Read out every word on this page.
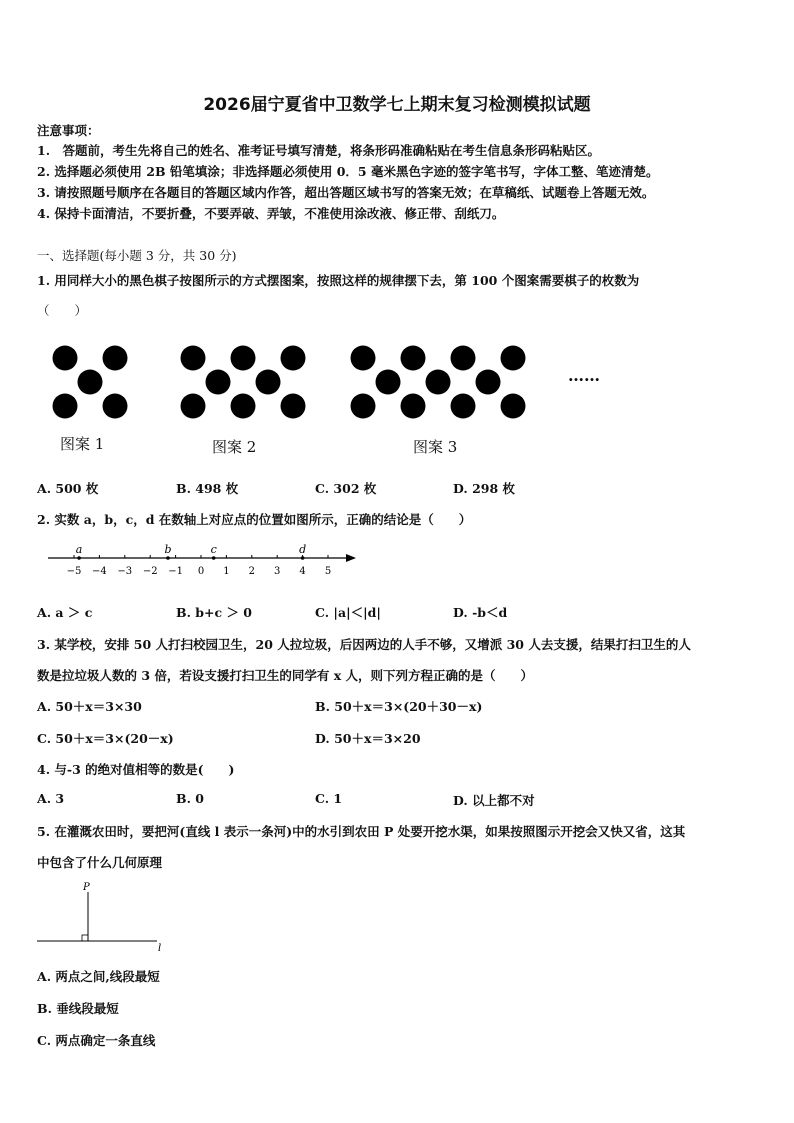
2026届宁夏省中卫数学七上期末复习检测模拟试题
注意事项：
1.　答题前，考生先将自己的姓名、准考证号填写清楚，将条形码准确粘贴在考生信息条形码粘贴区。
2. 选择题必须使用 2B 铅笔填涂；非选择题必须使用 0．5 毫米黑色字迹的签字笔书写，字体工整、笔迹清楚。
3. 请按照题号顺序在各题目的答题区域内作答，超出答题区域书写的答案无效；在草稿纸、试题卷上答题无效。
4. 保持卡面清洁，不要折叠，不要弄破、弄皱，不准使用涂改液、修正带、刮纸刀。
一、选择题(每小题 3 分，共 30 分)
1. 用同样大小的黑色棋子按图所示的方式摆图案，按照这样的规律摆下去，第 100 个图案需要棋子的枚数为
（　　）
……
图案 1	图案 2	图案 3
A. 500 枚	B. 498 枚	C. 302 枚	D. 298 枚
2. 实数 a，b，c，d 在数轴上对应点的位置如图所示，正确的结论是（　　）
−5 −4 −3 −2 −1 0 1 2 3 4 5
a	b	c	d
A. a ＞ c	B. b+c ＞ 0	C. |a|＜|d|	D. -b＜d
3. 某学校，安排 50 人打扫校园卫生，20 人拉垃圾，后因两边的人手不够，又增派 30 人去支援，结果打扫卫生的人
数是拉垃圾人数的 3 倍，若设支援打扫卫生的同学有 x 人，则下列方程正确的是（　　）
A. 50＋x＝3×30	B. 50＋x＝3×(20＋30－x)
C. 50＋x＝3×(20－x)	D. 50＋x＝3×20
4. 与-3 的绝对值相等的数是(　　)
A. 3	B. 0	C. 1	D. 以上都不对
5. 在灌溉农田时，要把河(直线 l 表示一条河)中的水引到农田 P 处要开挖水渠，如果按照图示开挖会又快又省，这其
中包含了什么几何原理
P
l
A. 两点之间,线段最短
B. 垂线段最短
C. 两点确定一条直线
